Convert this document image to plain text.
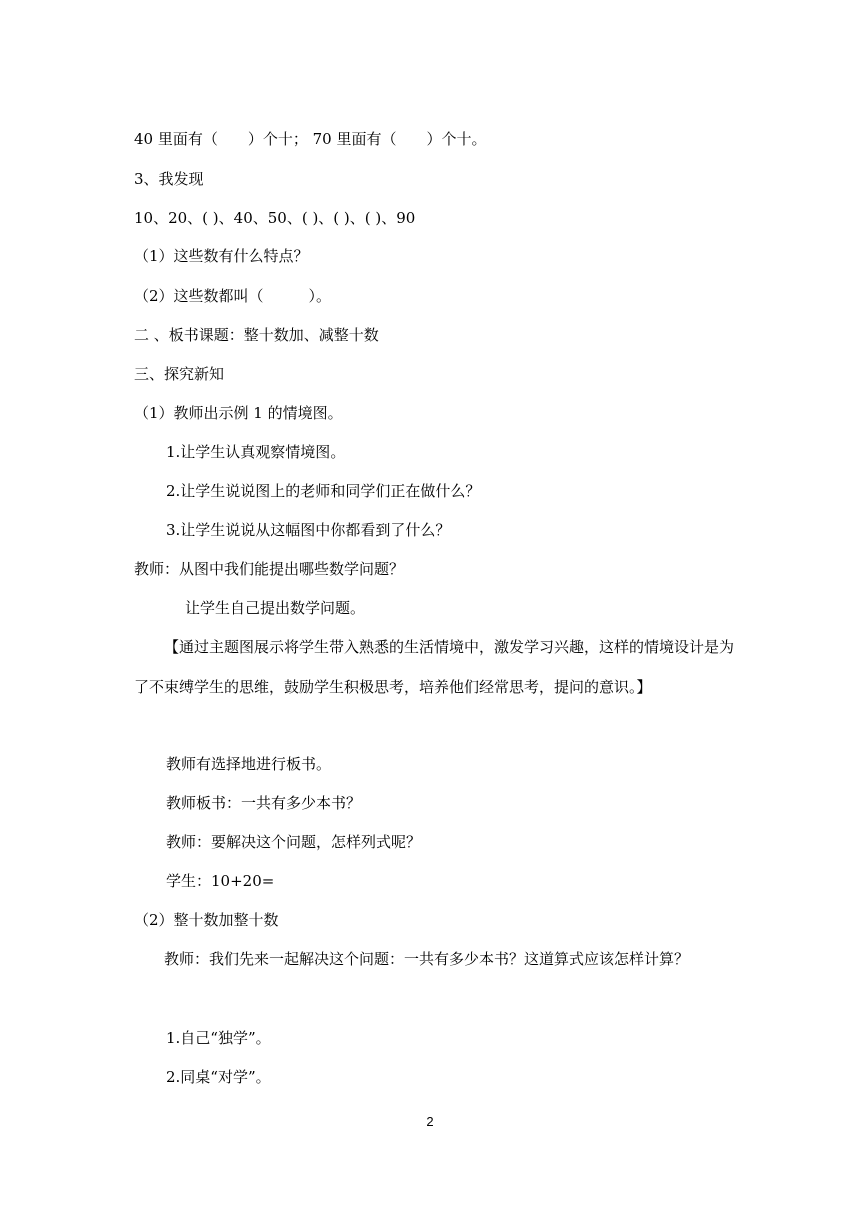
40 里面有（　　）个十； 70 里面有（　　）个十。
3、我发现
10、20、( )、40、50、( )、( )、( )、90
（1）这些数有什么特点？
（2）这些数都叫（　　　）。
二 、板书课题：整十数加、减整十数
三、探究新知
（1）教师出示例 1 的情境图。
1.让学生认真观察情境图。
2.让学生说说图上的老师和同学们正在做什么？
3.让学生说说从这幅图中你都看到了什么？
教师：从图中我们能提出哪些数学问题？
让学生自己提出数学问题。

【通过主题图展示将学生带入熟悉的生活情境中，激发学习兴趣，这样的情境设计是为了不束缚学生的思维，鼓励学生积极思考，培养他们经常思考，提问的意识。】

教师有选择地进行板书。
教师板书：一共有多少本书？
教师：要解决这个问题，怎样列式呢？
学生：10+20=
（2）整十数加整十数

教师：我们先来一起解决这个问题：一共有多少本书？这道算式应该怎样计算？

1.自己“独学”。
2.同桌“对学”。
2
